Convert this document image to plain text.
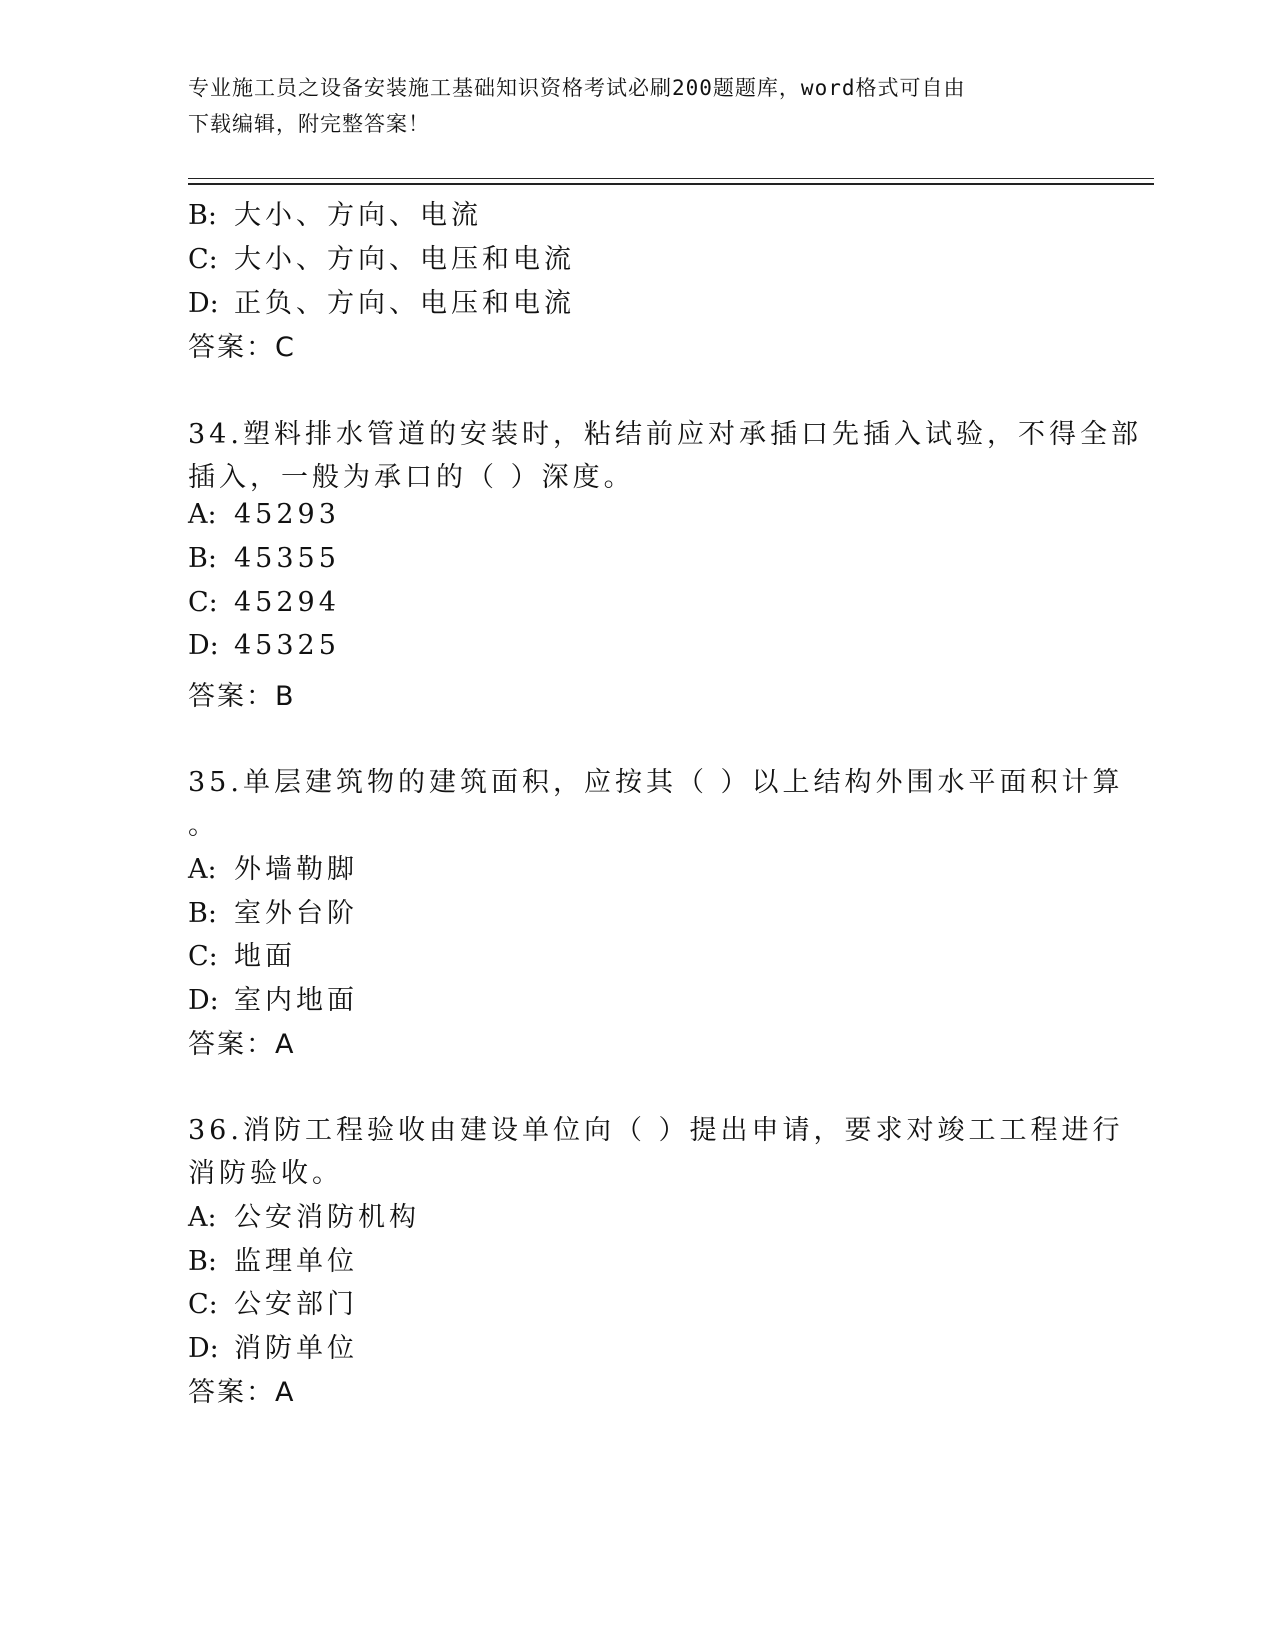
专业施工员之设备安装施工基础知识资格考试必刷200题题库，word格式可自由
下载编辑，附完整答案！
B: 大小、方向、电流
C: 大小、方向、电压和电流
D: 正负、方向、电压和电流
答案：C
34.塑料排水管道的安装时，粘结前应对承插口先插入试验，不得全部
插入，一般为承口的（ ）深度。
A: 45293
B: 45355
C: 45294
D: 45325
答案：B
35.单层建筑物的建筑面积，应按其（ ）以上结构外围水平面积计算
。
A: 外墙勒脚
B: 室外台阶
C: 地面
D: 室内地面
答案：A
36.消防工程验收由建设单位向（ ）提出申请，要求对竣工工程进行
消防验收。
A: 公安消防机构
B: 监理单位
C: 公安部门
D: 消防单位
答案：A
